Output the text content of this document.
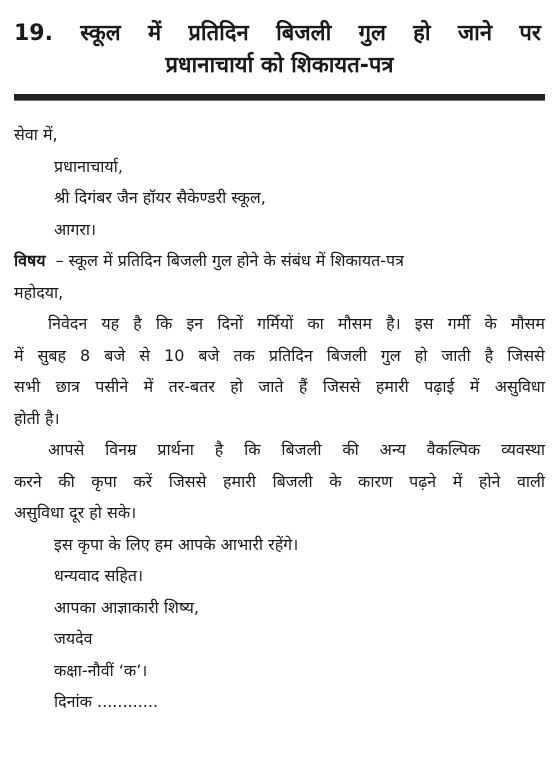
19. स्कूल में प्रतिदिन बिजली गुल हो जाने पर
प्रधानाचार्या को शिकायत-पत्र
सेवा में,
प्रधानाचार्या,
श्री दिगंबर जैन हॉयर सैकेण्डरी स्कूल,
आगरा।
विषय – स्कूल में प्रतिदिन बिजली गुल होने के संबंध में शिकायत-पत्र
महोदया,
निवेदन यह है कि इन दिनों गर्मियों का मौसम है। इस गर्मी के मौसम
में सुबह 8 बजे से 10 बजे तक प्रतिदिन बिजली गुल हो जाती है जिससे
सभी छात्र पसीने में तर-बतर हो जाते हैं जिससे हमारी पढ़ाई में असुविधा
होती है।
आपसे विनम्र प्रार्थना है कि बिजली की अन्य वैकल्पिक व्यवस्था
करने की कृपा करें जिससे हमारी बिजली के कारण पढ़ने में होने वाली
असुविधा दूर हो सके।
इस कृपा के लिए हम आपके आभारी रहेंगे।
धन्यवाद सहित।
आपका आज्ञाकारी शिष्य,
जयदेव
कक्षा-नौवीं ‘क’।
दिनांक ............
